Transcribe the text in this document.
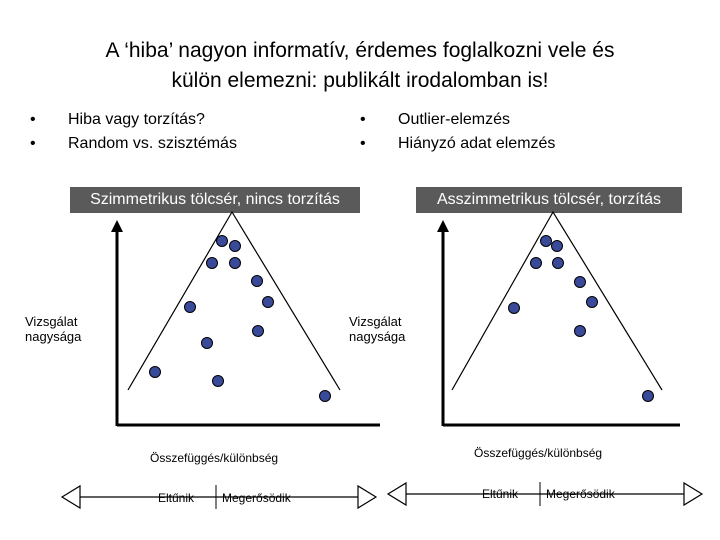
A ‘hiba’ nagyon informatív, érdemes foglalkozni vele és
külön elemezni: publikált irodalomban is!
• Hiba vagy torzítás?
• Random vs. szisztémás
• Outlier-elemzés
• Hiányzó adat elemzés
Szimmetrikus tölcsér, nincs torzítás	Asszimmetrikus tölcsér, torzítás
Vizsgálat
nagysága
Vizsgálat
nagysága
Összefüggés/különbség	Összefüggés/különbség
Eltűnik Megerősödik	Eltűnik Megerősödik
